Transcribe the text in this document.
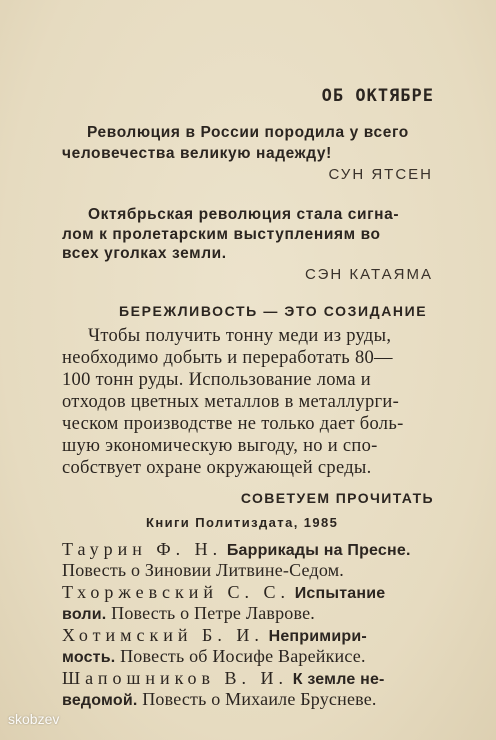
ОБ ОКТЯБРЕ
Революция в России породила у всего
человечества великую надежду!
СУН ЯТСЕН
Октябрьская революция стала сигна-
лом к пролетарским выступлениям во
всех уголках земли.
СЭН КАТАЯМА
БЕРЕЖЛИВОСТЬ — ЭТО СОЗИДАНИЕ
Чтобы получить тонну меди из руды,
необходимо добыть и переработать 80—
100 тонн руды. Использование лома и
отходов цветных металлов в металлурги-
ческом производстве не только дает боль-
шую экономическую выгоду, но и спо-
собствует охране окружающей среды.
СОВЕТУЕМ ПРОЧИТАТЬ
Книги Политиздата, 1985
Таурин Ф. Н. Баррикады на Пресне.
Повесть о Зиновии Литвине-Седом.
Тхоржевский С. С. Испытание
воли. Повесть о Петре Лаврове.
Хотимский Б. И. Непримири-
мость. Повесть об Иосифе Варейкисе.
Шапошников В. И. К земле не-
ведомой. Повесть о Михаиле Брусневе.
skobzev
